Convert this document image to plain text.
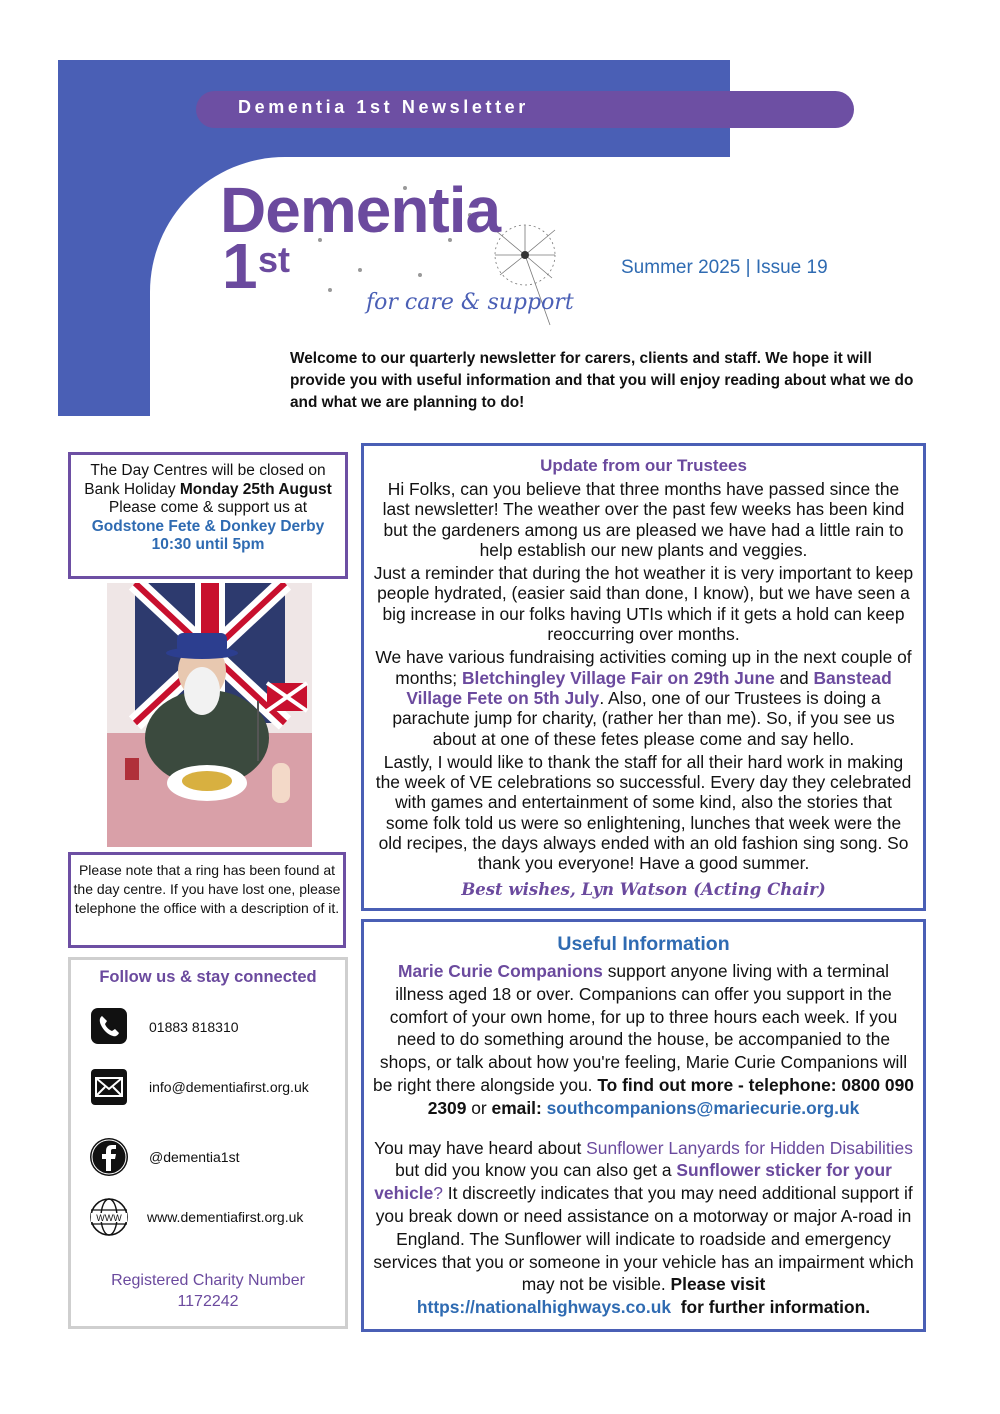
Dementia 1st Newsletter
Dementia
1 st
for care & support
Summer 2025 | Issue 19
Welcome to our quarterly newsletter for carers, clients and staff. We hope it will provide you with useful information and that you will enjoy reading about what we do and what we are planning to do!
The Day Centres will be closed on Bank Holiday Monday 25th August
Please come & support us at
Godstone Fete & Donkey Derby
10:30 until 5pm
Please note that a ring has been found at the day centre. If you have lost one, please telephone the office with a description of it.
Follow us & stay connected
01883 818310
info@dementiafirst.org.uk
@dementia1st
WWW www.dementiafirst.org.uk
Registered Charity Number
1172242
Update from our Trustees
Hi Folks, can you believe that three months have passed since the last newsletter! The weather over the past few weeks has been kind but the gardeners among us are pleased we have had a little rain to help establish our new plants and veggies.
Just a reminder that during the hot weather it is very important to keep people hydrated, (easier said than done, I know), but we have seen a big increase in our folks having UTIs which if it gets a hold can keep reoccurring over months.
We have various fundraising activities coming up in the next couple of months; Bletchingley Village Fair on 29th June and Banstead Village Fete on 5th July. Also, one of our Trustees is doing a parachute jump for charity, (rather her than me). So, if you see us about at one of these fetes please come and say hello.
Lastly, I would like to thank the staff for all their hard work in making the week of VE celebrations so successful. Every day they celebrated with games and entertainment of some kind, also the stories that some folk told us were so enlightening, lunches that week were the old recipes, the days always ended with an old fashion sing song. So thank you everyone! Have a good summer.
Best wishes, Lyn Watson (Acting Chair)
Useful Information
Marie Curie Companions support anyone living with a terminal illness aged 18 or over. Companions can offer you support in the comfort of your own home, for up to three hours each week. If you need to do something around the house, be accompanied to the shops, or talk about how you're feeling, Marie Curie Companions will be right there alongside you. To find out more - telephone: 0800 090 2309 or email: southcompanions@mariecurie.org.uk
You may have heard about Sunflower Lanyards for Hidden Disabilities but did you know you can also get a Sunflower sticker for your vehicle? It discreetly indicates that you may need additional support if you break down or need assistance on a motorway or major A-road in England. The Sunflower will indicate to roadside and emergency services that you or someone in your vehicle has an impairment which may not be visible. Please visit
https://nationalhighways.co.uk  for further information.
